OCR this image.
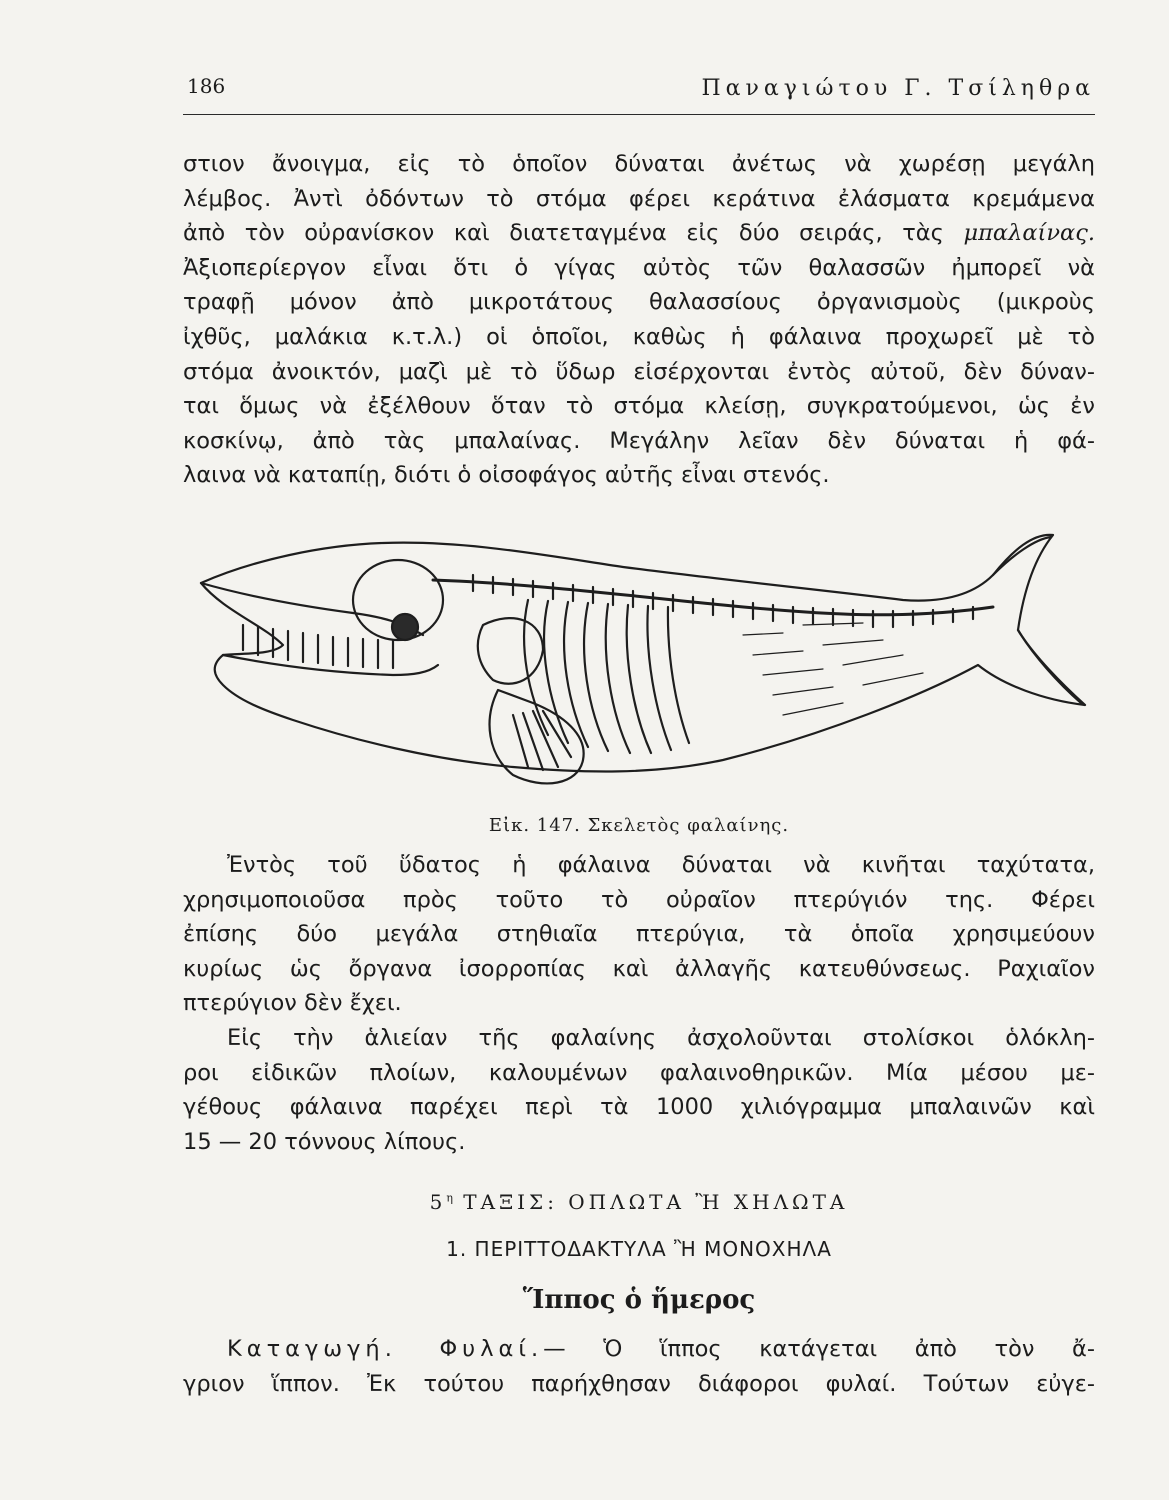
186	Παναγιώτου Γ. Τσίληθρα

στιον ἄνοιγμα, εἰς τὸ ὁποῖον δύναται ἀνέτως νὰ χωρέσῃ μεγάλη
λέμβος. Ἀντὶ ὀδόντων τὸ στόμα φέρει κεράτινα ἐλάσματα κρεμάμενα
ἀπὸ τὸν οὐρανίσκον καὶ διατεταγμένα εἰς δύο σειράς, τὰς μπαλαίνας.
Ἀξιοπερίεργον εἶναι ὅτι ὁ γίγας αὐτὸς τῶν θαλασσῶν ἠμπορεῖ νὰ
τραφῇ μόνον ἀπὸ μικροτάτους θαλασσίους ὀργανισμοὺς (μικροὺς
ἰχθῦς, μαλάκια κ.τ.λ.) οἱ ὁποῖοι, καθὼς ἡ φάλαινα προχωρεῖ μὲ τὸ
στόμα ἀνοικτόν, μαζὶ μὲ τὸ ὕδωρ εἰσέρχονται ἐντὸς αὐτοῦ, δὲν δύναν-
ται ὅμως νὰ ἐξέλθουν ὅταν τὸ στόμα κλείσῃ, συγκρατούμενοι, ὡς ἐν
κοσκίνῳ, ἀπὸ τὰς μπαλαίνας. Μεγάλην λεῖαν δὲν δύναται ἡ φά-
λαινα νὰ καταπίῃ, διότι ὁ οἰσοφάγος αὐτῆς εἶναι στενός.

Εἰκ. 147. Σκελετὸς φαλαίνης.

Ἐντὸς τοῦ ὕδατος ἡ φάλαινα δύναται νὰ κινῆται ταχύτατα,
χρησιμοποιοῦσα πρὸς τοῦτο τὸ οὐραῖον πτερύγιόν της. Φέρει
ἐπίσης δύο μεγάλα στηθιαῖα πτερύγια, τὰ ὁποῖα χρησιμεύουν
κυρίως ὡς ὄργανα ἰσορροπίας καὶ ἀλλαγῆς κατευθύνσεως. Ραχιαῖον
πτερύγιον δὲν ἔχει.

Εἰς τὴν ἁλιείαν τῆς φαλαίνης ἀσχολοῦνται στολίσκοι ὁλόκλη-
ροι εἰδικῶν πλοίων, καλουμένων φαλαινοθηρικῶν. Μία μέσου με-
γέθους φάλαινα παρέχει περὶ τὰ 1000 χιλιόγραμμα μπαλαινῶν καὶ
15 — 20 τόννους λίπους.

$5^\eta$ ΤΑΞΙΣ: ΟΠΛΩΤΑ Ἢ ΧΗΛΩΤΑ
1. ΠΕΡΙΤΤΟΔΑΚΤΥΛΑ Ἢ ΜΟΝΟΧΗΛΑ
Ἵππος ὁ ἥμερος

Καταγωγή. Φυλαί.— Ὁ ἵππος κατάγεται ἀπὸ τὸν ἄ-
γριον ἵππον. Ἐκ τούτου παρήχθησαν διάφοροι φυλαί. Τούτων εὐγε-
